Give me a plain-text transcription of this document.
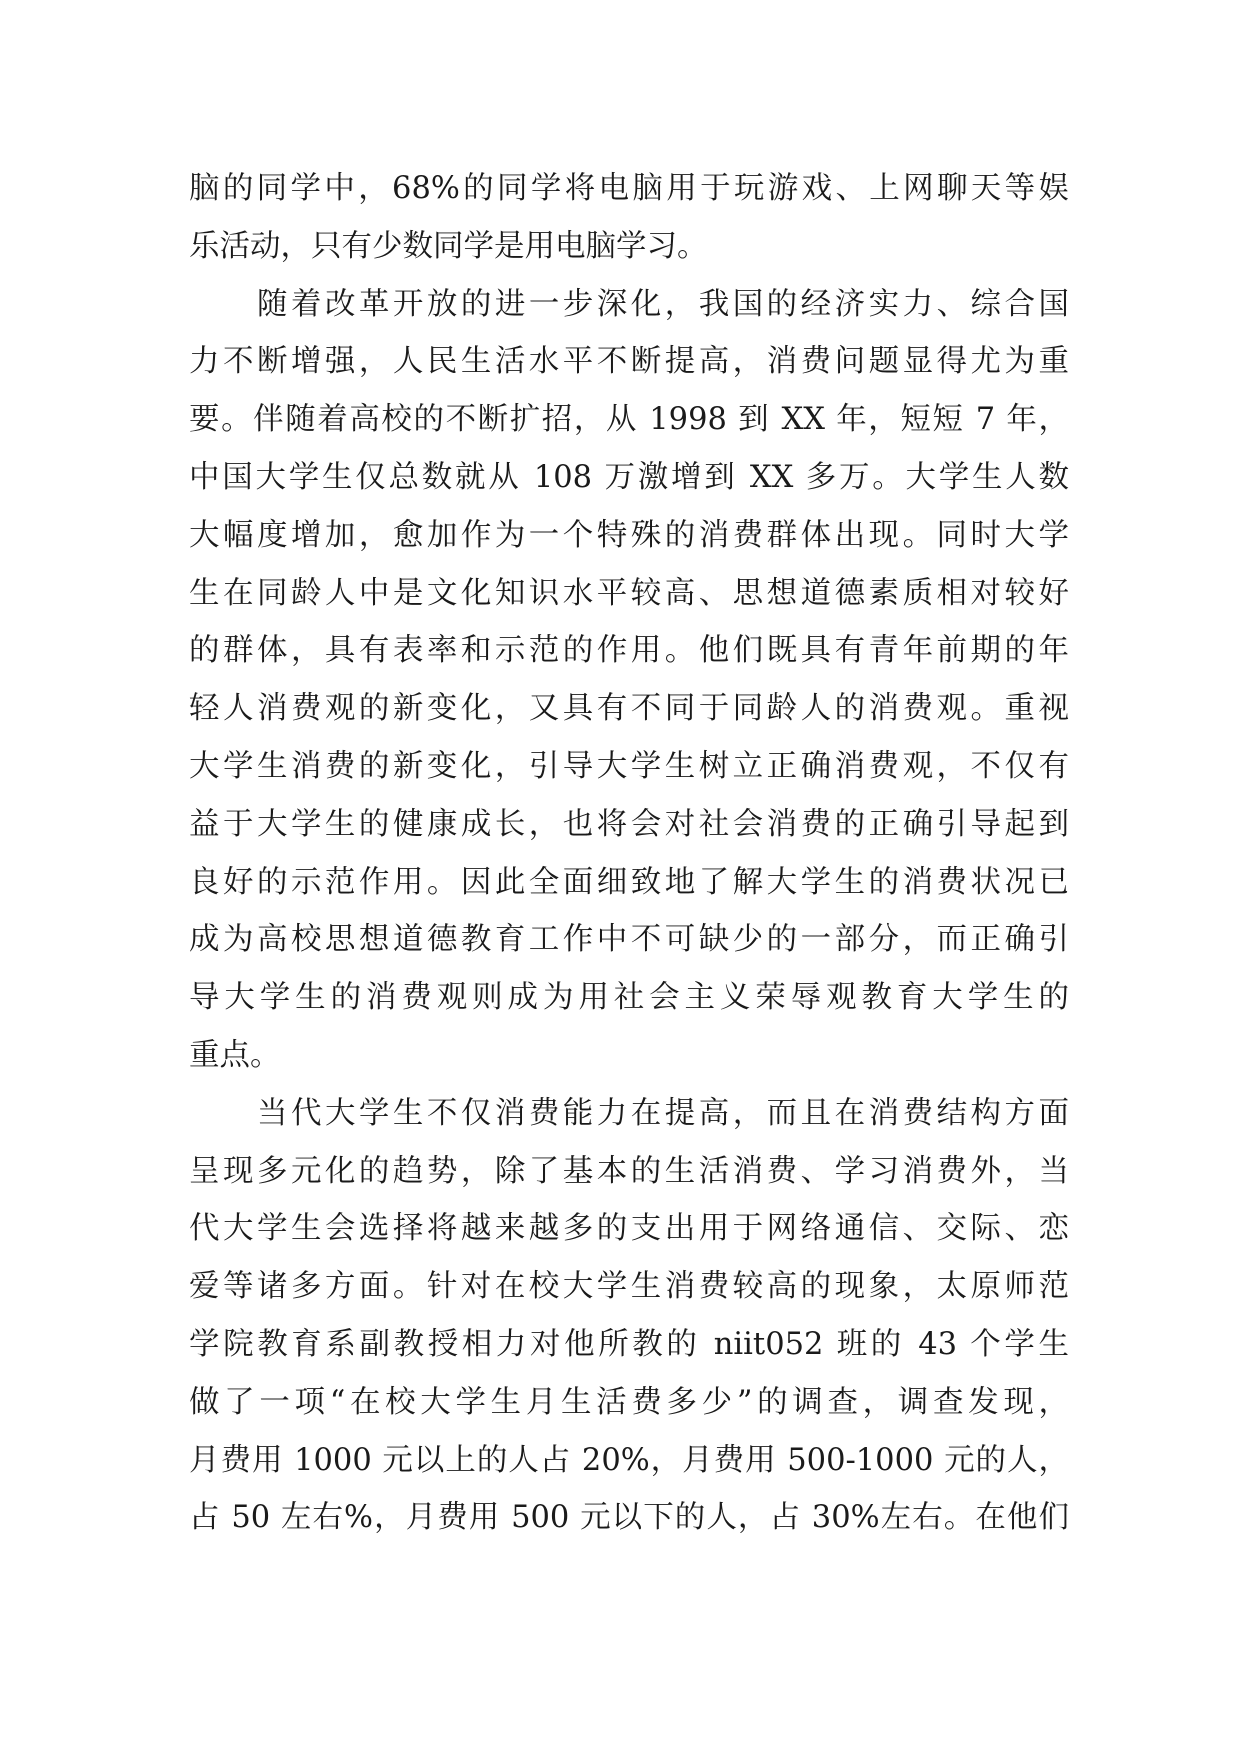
脑的同学中，68%的同学将电脑用于玩游戏、上网聊天等娱
乐活动，只有少数同学是用电脑学习。
随着改革开放的进一步深化，我国的经济实力、综合国
力不断增强，人民生活水平不断提高，消费问题显得尤为重
要。伴随着高校的不断扩招，从 1998 到 XX 年，短短 7 年，
中国大学生仅总数就从 108 万激增到 XX 多万。大学生人数
大幅度增加，愈加作为一个特殊的消费群体出现。同时大学
生在同龄人中是文化知识水平较高、思想道德素质相对较好
的群体，具有表率和示范的作用。他们既具有青年前期的年
轻人消费观的新变化，又具有不同于同龄人的消费观。重视
大学生消费的新变化，引导大学生树立正确消费观，不仅有
益于大学生的健康成长，也将会对社会消费的正确引导起到
良好的示范作用。因此全面细致地了解大学生的消费状况已
成为高校思想道德教育工作中不可缺少的一部分，而正确引
导大学生的消费观则成为用社会主义荣辱观教育大学生的
重点。
当代大学生不仅消费能力在提高，而且在消费结构方面
呈现多元化的趋势，除了基本的生活消费、学习消费外，当
代大学生会选择将越来越多的支出用于网络通信、交际、恋
爱等诸多方面。针对在校大学生消费较高的现象，太原师范
学院教育系副教授相力对他所教的 niit052 班的 43 个学生
做了一项“在校大学生月生活费多少”的调查，调查发现，
月费用 1000 元以上的人占 20%，月费用 500-1000 元的人，
占 50 左右%，月费用 500 元以下的人，占 30%左右。在他们
